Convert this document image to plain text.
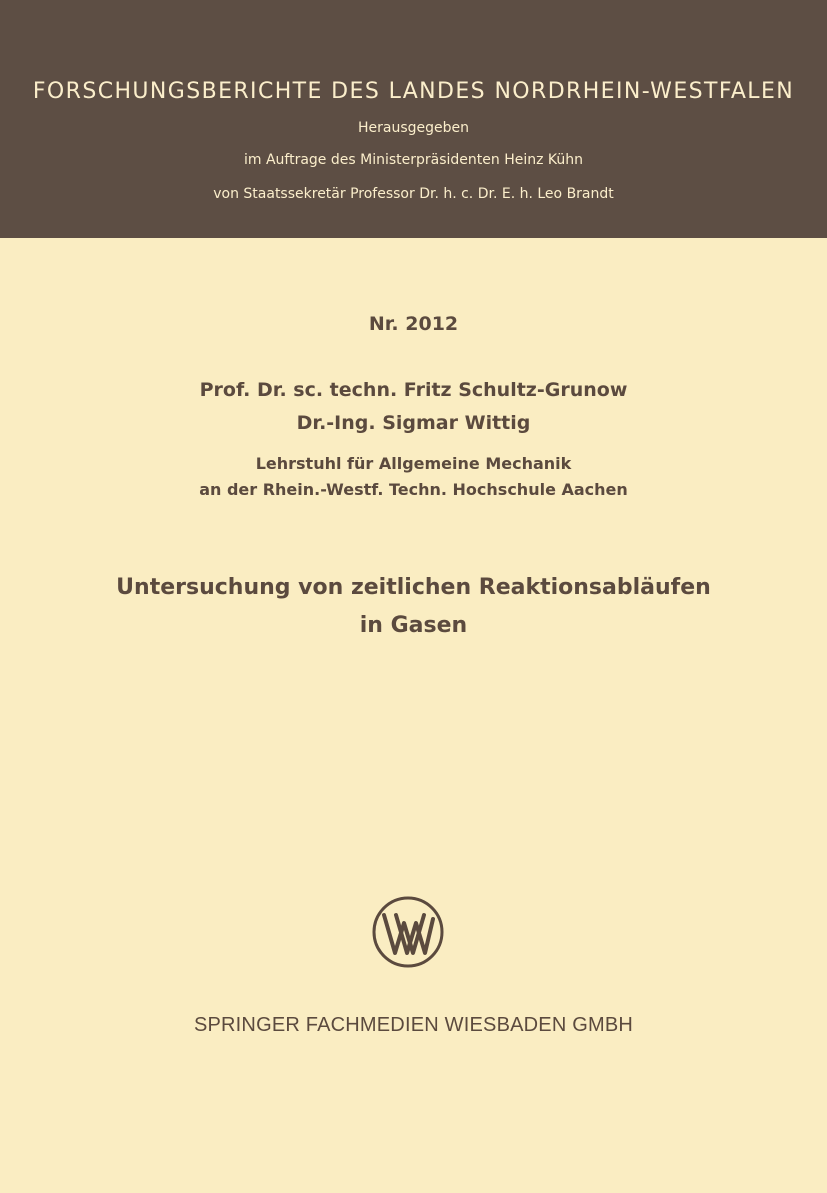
FORSCHUNGSBERICHTE DES LANDES NORDRHEIN-WESTFALEN
Herausgegeben
im Auftrage des Ministerpräsidenten Heinz Kühn
von Staatssekretär Professor Dr. h. c. Dr. E. h. Leo Brandt
Nr. 2012
Prof. Dr. sc. techn. Fritz Schultz-Grunow
Dr.-Ing. Sigmar Wittig
Lehrstuhl für Allgemeine Mechanik
an der Rhein.-Westf. Techn. Hochschule Aachen
Untersuchung von zeitlichen Reaktionsabläufen
in Gasen
SPRINGER FACHMEDIEN WIESBADEN GMBH
